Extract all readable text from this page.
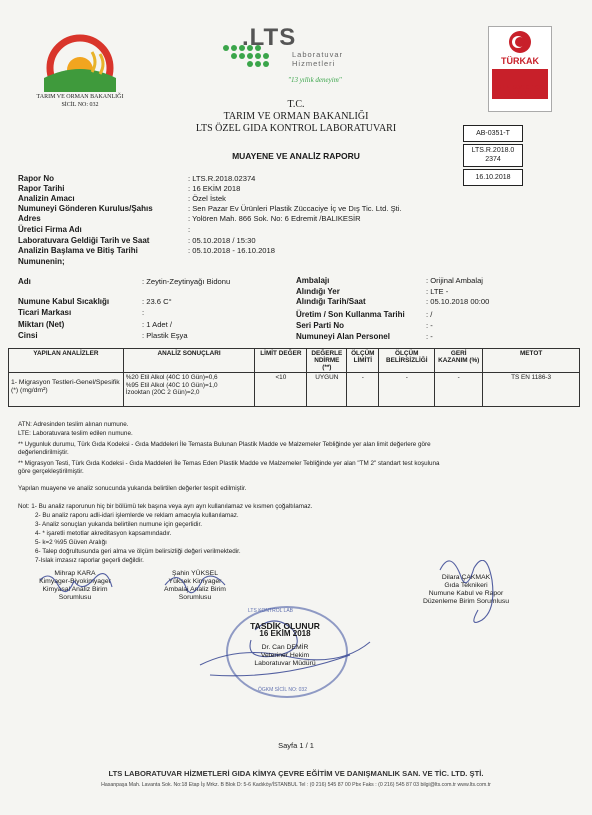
TARIM VE ORMAN BAKANLIĞI
SİCİL NO: 032
.LTS
Laboratuvar
Hizmetleri
"13 yıllık deneyim"
TÜRKAK
TS EN ISO/IEC 17025
AB-0351-T
T.C.
TARIM VE ORMAN BAKANLIĞI
LTS ÖZEL GIDA KONTROL LABORATUVARI
MUAYENE VE ANALİZ RAPORU
AB-0351-T
LTS.R.2018.0
2374
16.10.2018
Rapor No	: LTS.R.2018.02374
Rapor Tarihi	: 16 EKİM 2018
Analizin Amacı	: Özel İstek
Numuneyi Gönderen Kurulus/Şahıs	: Sen Pazar Ev Ürünleri Plastik Züccaciye İç ve Dış Tic. Ltd. Şti.
Adres	: Yolören Mah. 866 Sok. No: 6 Edremit /BALIKESİR
Üretici Firma Adı	:
Laboratuvara Geldiği Tarih ve Saat	: 05.10.2018 / 15:30
Analizin Başlama ve Bitiş Tarihi	: 05.10.2018 - 16.10.2018
Numunenin;
Adı	: Zeytin-Zeytinyağı Bidonu
Numune Kabul Sıcaklığı	: 23.6 C°
Ticari Markası	:
Miktarı (Net)	: 1 Adet /
Cinsi	: Plastik Eşya
Ambalajı	: Orijinal Ambalaj
Alındığı Yer	: LTE -
Alındığı Tarih/Saat	: 05.10.2018 00:00
Üretim / Son Kullanma Tarihi	: /
Seri Parti No	: -
Numuneyi Alan Personel	: -
YAPILAN ANALİZLER	ANALİZ SONUÇLARI	LİMİT DEĞER	DEĞERLE NDİRME (**)	ÖLÇÜM LİMİTİ	ÖLÇÜM BELİRSİZLİĞİ	GERİ KAZANIM (%)	METOT
1- Migrasyon Testleri-Genel/Spesifik (*) (mg/dm²)	%20 Etil Alkol (40C 10 Gün)=0,6
%95 Etil Alkol (40C 10 Gün)=1,0
İzooktan (20C 2 Gün)=2,0	<10	UYGUN	-	-	-	TS EN 1186-3
ATN: Adresinden teslim alınan numune.
LTE: Laboratuvara teslim edilen numune.
** Uygunluk durumu, Türk Gıda Kodeksi - Gıda Maddeleri İle Temasta Bulunan Plastik Madde ve Malzemeler Tebliğinde yer alan limit değerlere göre
değerlendirilmiştir.
** Migrasyon Testi, Türk Gıda Kodeksi - Gıda Maddeleri İle Temas Eden Plastik Madde ve Malzemeler Tebliğinde yer alan "TM 2" standart test koşuluna
göre gerçekleştirilmiştir.
Yapılan muayene ve analiz sonucunda yukarıda belirtilen değerler tespit edilmiştir.
Not: 1- Bu analiz raporunun hiç bir bölümü tek başına veya ayrı ayrı kullanılamaz ve kısmen çoğaltılamaz.
2- Bu analiz raporu adli-idari işlemlerde ve reklam amacıyla kullanılamaz.
3- Analiz sonuçları yukarıda belirtilen numune için geçerlidir.
4- * işaretli metotlar akreditasyon kapsamındadır.
5- k=2 %95 Güven Aralığı
6- Talep doğrultusunda geri alma ve ölçüm belirsizliği değeri verilmektedir.
7-Islak imzasız raporlar geçerli değildir.
Mihrap KARA
Kimyager-Biyokimyager
Kimyasal Analiz Birim
Sorumlusu
Şahin YÜKSEL
Yüksek Kimyager
Ambalaj Analiz Birim
Sorumlusu
Dilara ÇAKMAK
Gıda Teknikeri
Numune Kabul ve Rapor
Düzenleme Birim Sorumlusu
LTS KONTROL LAB
ÖGKM SİCİL NO: 032
TASDİK OLUNUR
16 EKİM 2018
Dr. Can DEMİR
Veteriner Hekim
Laboratuvar Müdürü
Sayfa 1 / 1
LTS LABORATUVAR HİZMETLERİ GIDA KİMYA ÇEVRE EĞİTİM VE DANIŞMANLIK SAN. VE TİC. LTD. ŞTİ.
Hasanpaşa Mah. Lavanta Sok. No:18 Etap İş Mrkz. B Blok D: 5-6 Kadıköy/İSTANBUL Tel : (0 216) 545 87 00 Pbx Faks : (0 216) 545 87 03 bilgi@lts.com.tr www.lts.com.tr
